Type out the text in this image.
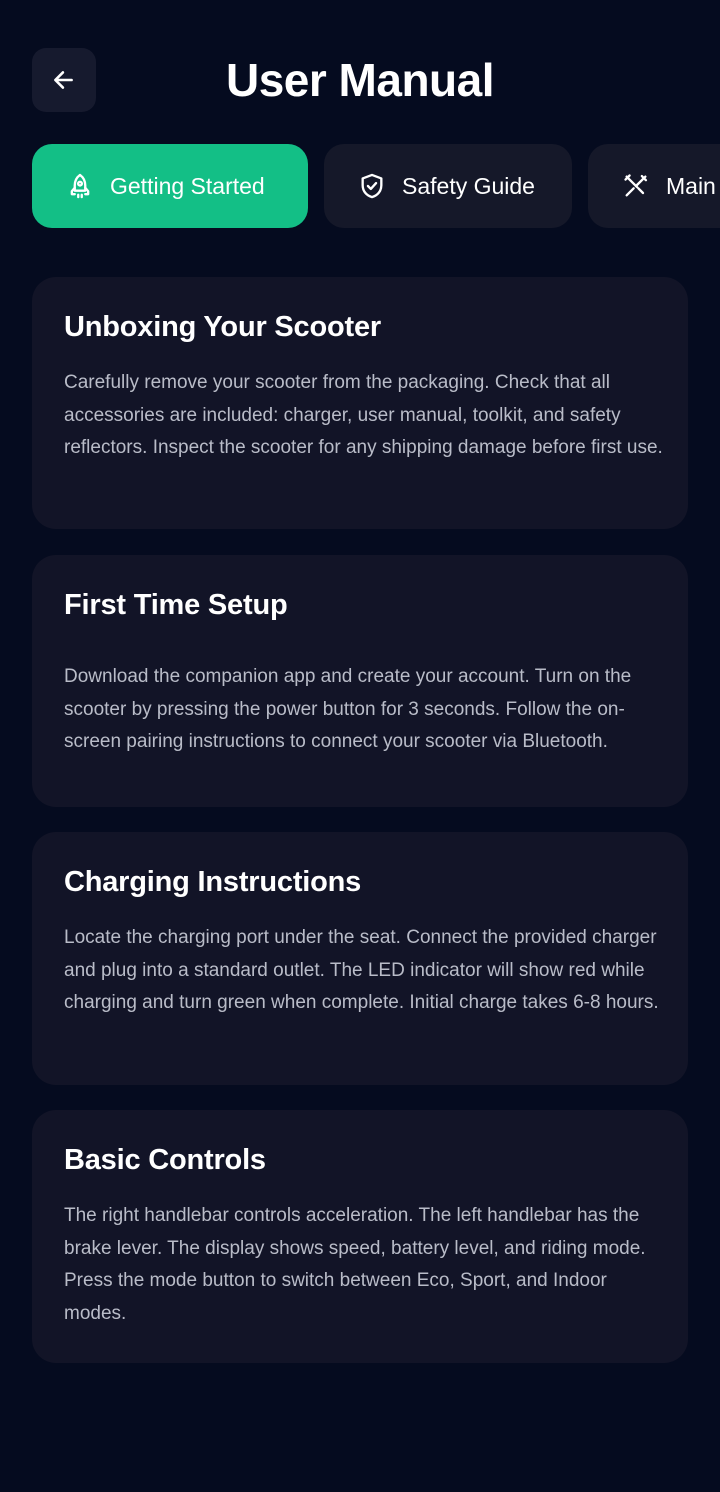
User Manual
Getting Started	Safety Guide	Main
Unboxing Your Scooter
Carefully remove your scooter from the packaging. Check that all accessories are included: charger, user manual, toolkit, and safety reflectors. Inspect the scooter for any shipping damage before first use.
First Time Setup
Download the companion app and create your account. Turn on the scooter by pressing the power button for 3 seconds. Follow the on-screen pairing instructions to connect your scooter via Bluetooth.
Charging Instructions
Locate the charging port under the seat. Connect the provided charger and plug into a standard outlet. The LED indicator will show red while charging and turn green when complete. Initial charge takes 6-8 hours.
Basic Controls
The right handlebar controls acceleration. The left handlebar has the brake lever. The display shows speed, battery level, and riding mode. Press the mode button to switch between Eco, Sport, and Indoor modes.
